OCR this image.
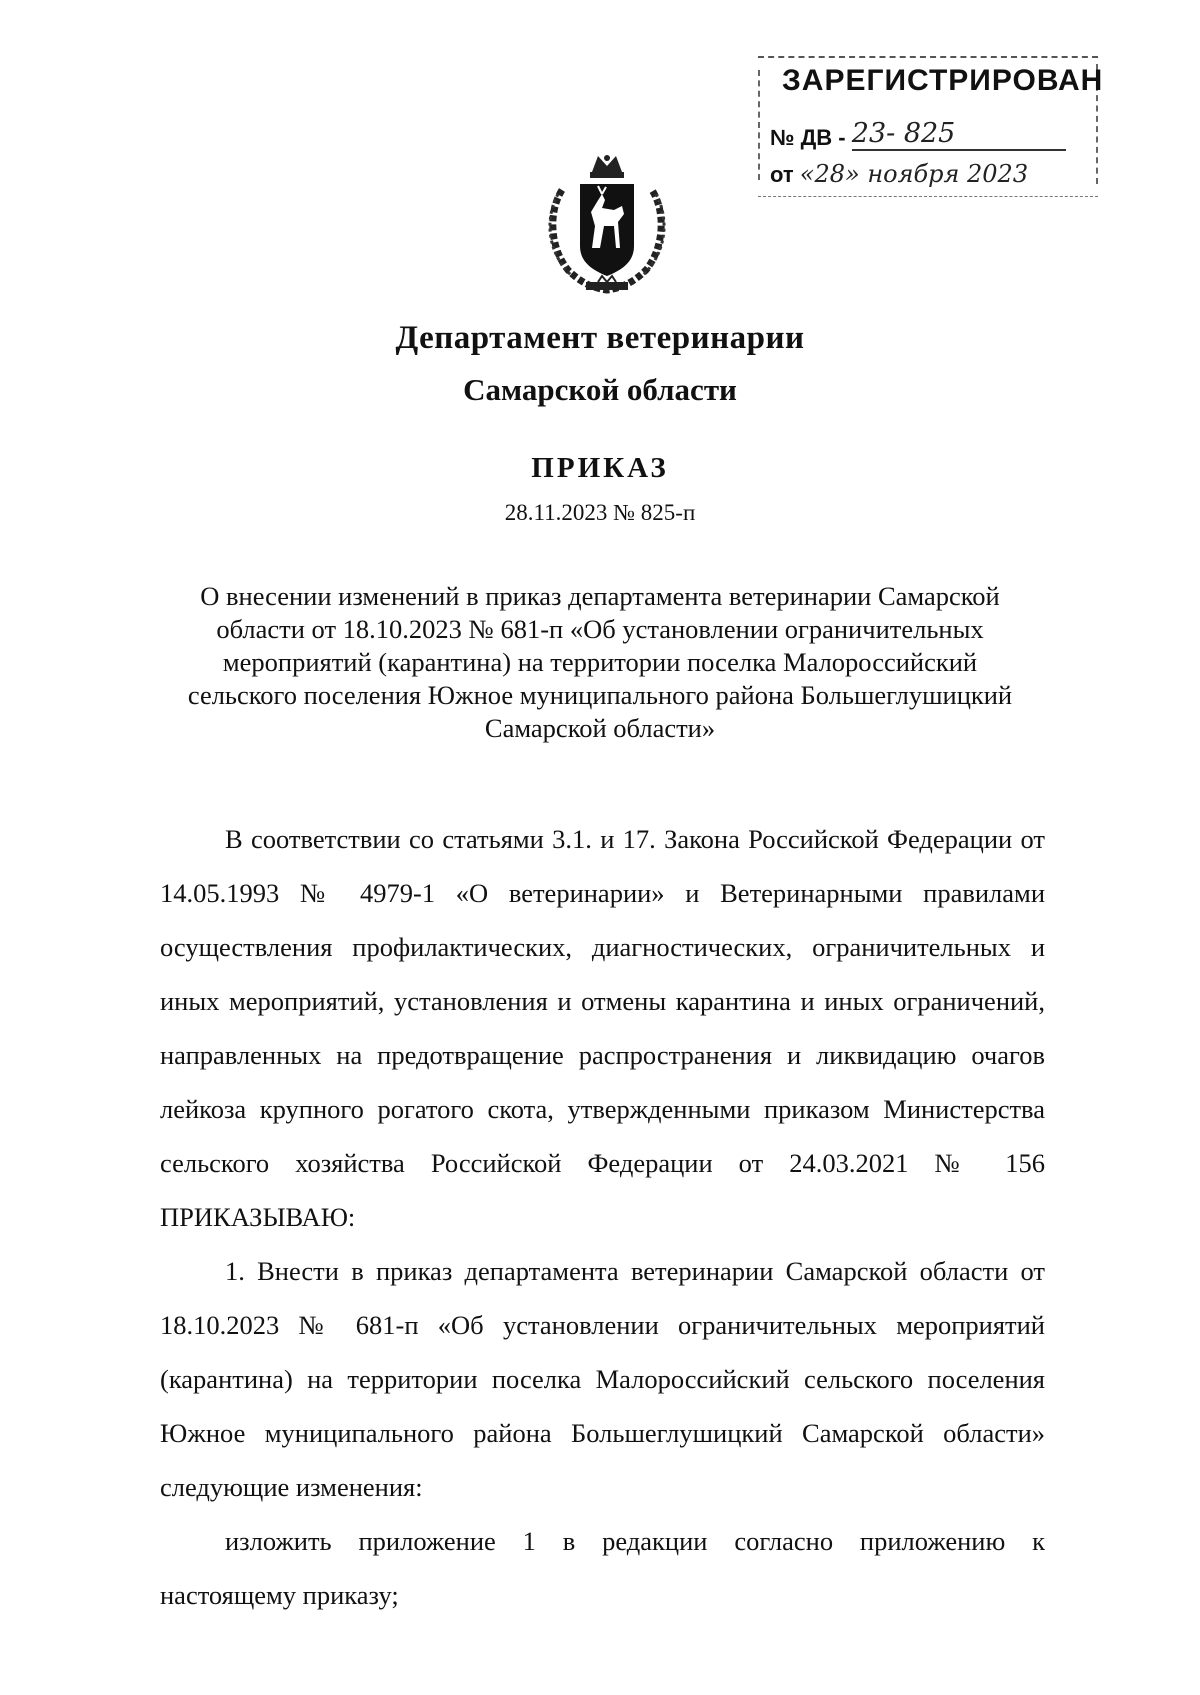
ЗАРЕГИСТРИРОВАН
№ ДВ - 23- 825
от «28» ноября 2023
Департамент ветеринарии
Самарской области
ПРИКАЗ
28.11.2023 № 825-п
О внесении изменений в приказ департамента ветеринарии Самарской области от 18.10.2023 № 681-п «Об установлении ограничительных мероприятий (карантина) на территории поселка Малороссийский сельского поселения Южное муниципального района Большеглушицкий Самарской области»

В соответствии со статьями 3.1. и 17. Закона Российской Федерации от 14.05.1993 № 4979-1 «О ветеринарии» и Ветеринарными правилами осуществления профилактических, диагностических, ограничительных и иных мероприятий, установления и отмены карантина и иных ограничений, направленных на предотвращение распространения и ликвидацию очагов лейкоза крупного рогатого скота, утвержденными приказом Министерства сельского хозяйства Российской Федерации от 24.03.2021 № 156 ПРИКАЗЫВАЮ:

1. Внести в приказ департамента ветеринарии Самарской области от 18.10.2023 № 681-п «Об установлении ограничительных мероприятий (карантина) на территории поселка Малороссийский сельского поселения Южное муниципального района Большеглушицкий Самарской области» следующие изменения:

изложить приложение 1 в редакции согласно приложению к настоящему приказу;
